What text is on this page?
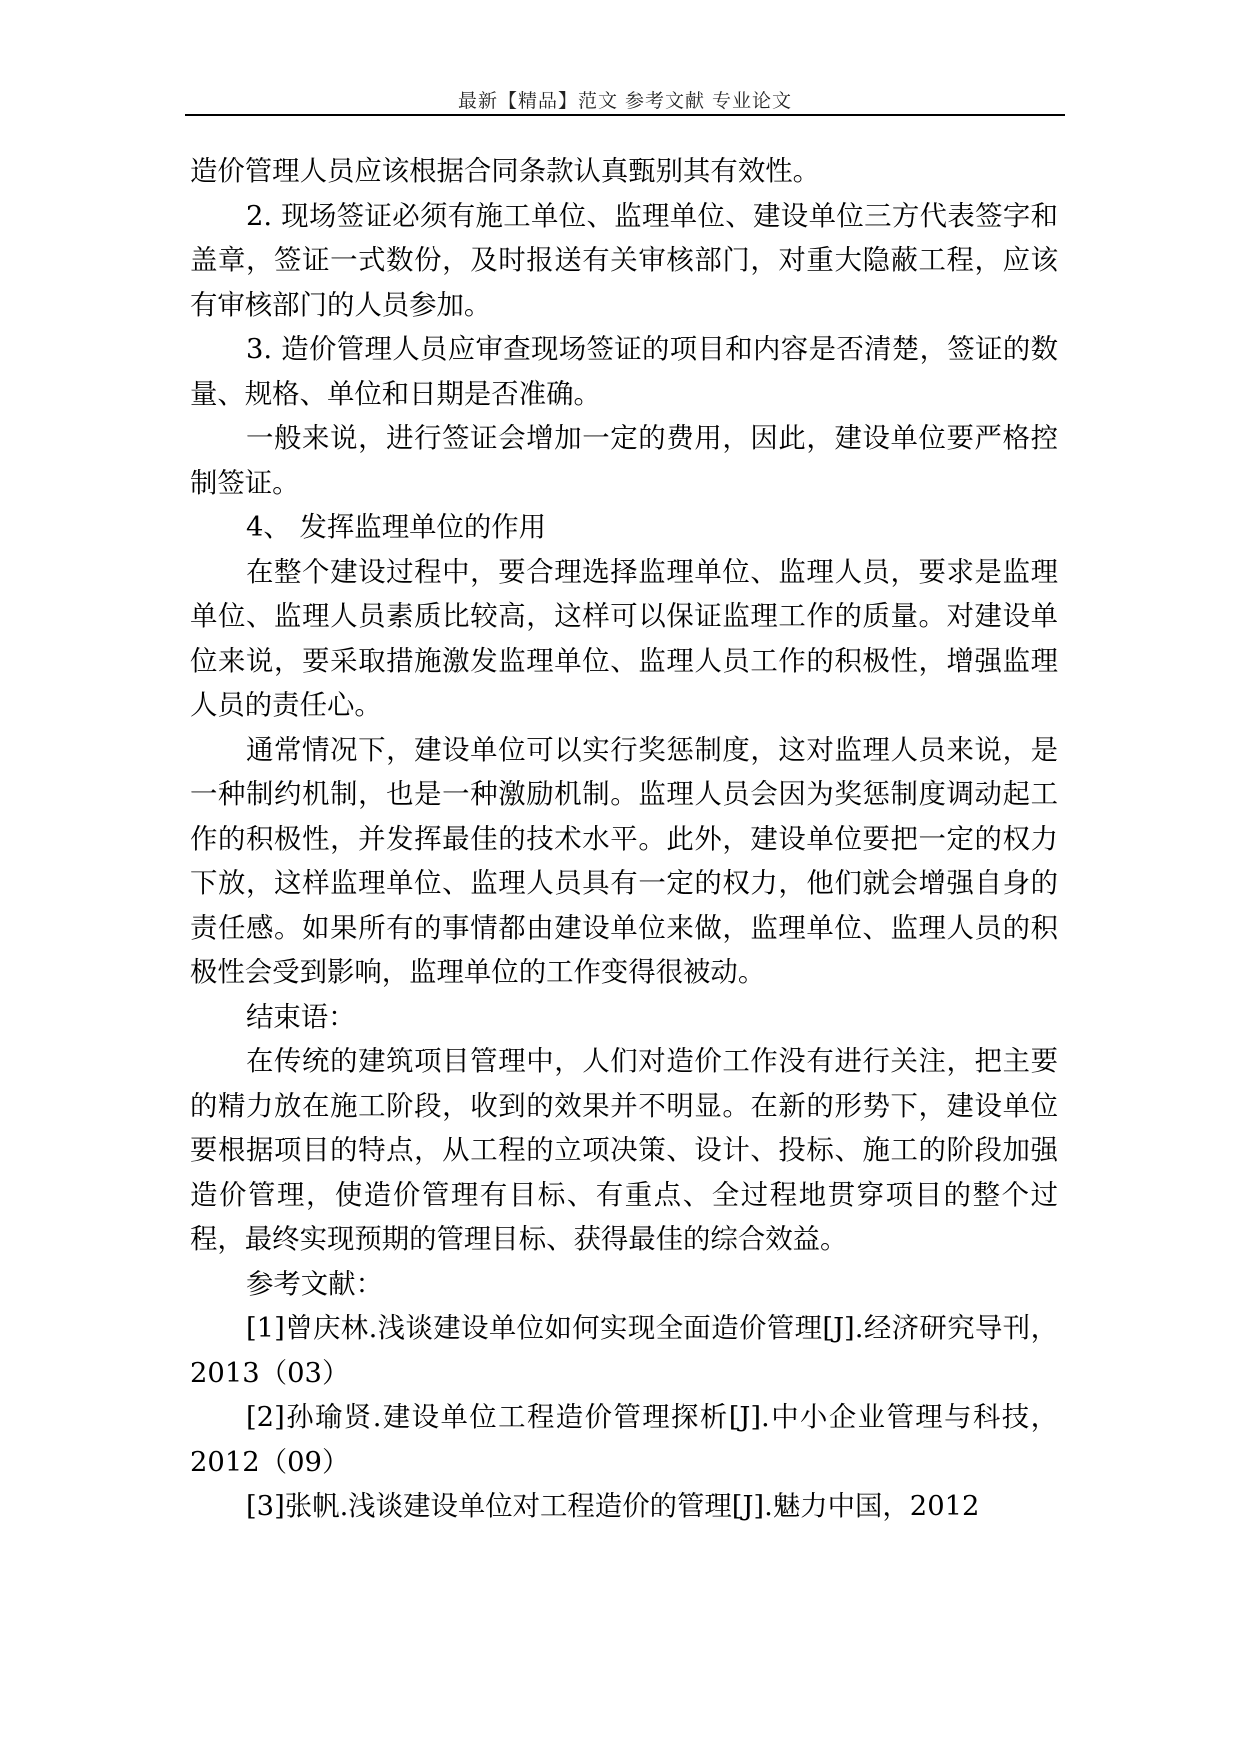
最新【精品】范文 参考文献 专业论文

造价管理人员应该根据合同条款认真甄别其有效性。

2. 现场签证必须有施工单位、监理单位、建设单位三方代表签字和盖章，签证一式数份，及时报送有关审核部门，对重大隐蔽工程，应该有审核部门的人员参加。

3. 造价管理人员应审查现场签证的项目和内容是否清楚，签证的数量、规格、单位和日期是否准确。

一般来说，进行签证会增加一定的费用，因此，建设单位要严格控制签证。

4、 发挥监理单位的作用

在整个建设过程中，要合理选择监理单位、监理人员，要求是监理单位、监理人员素质比较高，这样可以保证监理工作的质量。对建设单位来说，要采取措施激发监理单位、监理人员工作的积极性，增强监理人员的责任心。

通常情况下，建设单位可以实行奖惩制度，这对监理人员来说，是一种制约机制，也是一种激励机制。监理人员会因为奖惩制度调动起工作的积极性，并发挥最佳的技术水平。此外，建设单位要把一定的权力下放，这样监理单位、监理人员具有一定的权力，他们就会增强自身的责任感。如果所有的事情都由建设单位来做，监理单位、监理人员的积极性会受到影响，监理单位的工作变得很被动。

结束语：

在传统的建筑项目管理中，人们对造价工作没有进行关注，把主要的精力放在施工阶段，收到的效果并不明显。在新的形势下，建设单位要根据项目的特点，从工程的立项决策、设计、投标、施工的阶段加强造价管理，使造价管理有目标、有重点、全过程地贯穿项目的整个过程，最终实现预期的管理目标、获得最佳的综合效益。

参考文献：

[1]曾庆林.浅谈建设单位如何实现全面造价管理[J].经济研究导刊，2013（03）

[2]孙瑜贤.建设单位工程造价管理探析[J].中小企业管理与科技，2012（09）

[3]张帆.浅谈建设单位对工程造价的管理[J].魅力中国，2012
